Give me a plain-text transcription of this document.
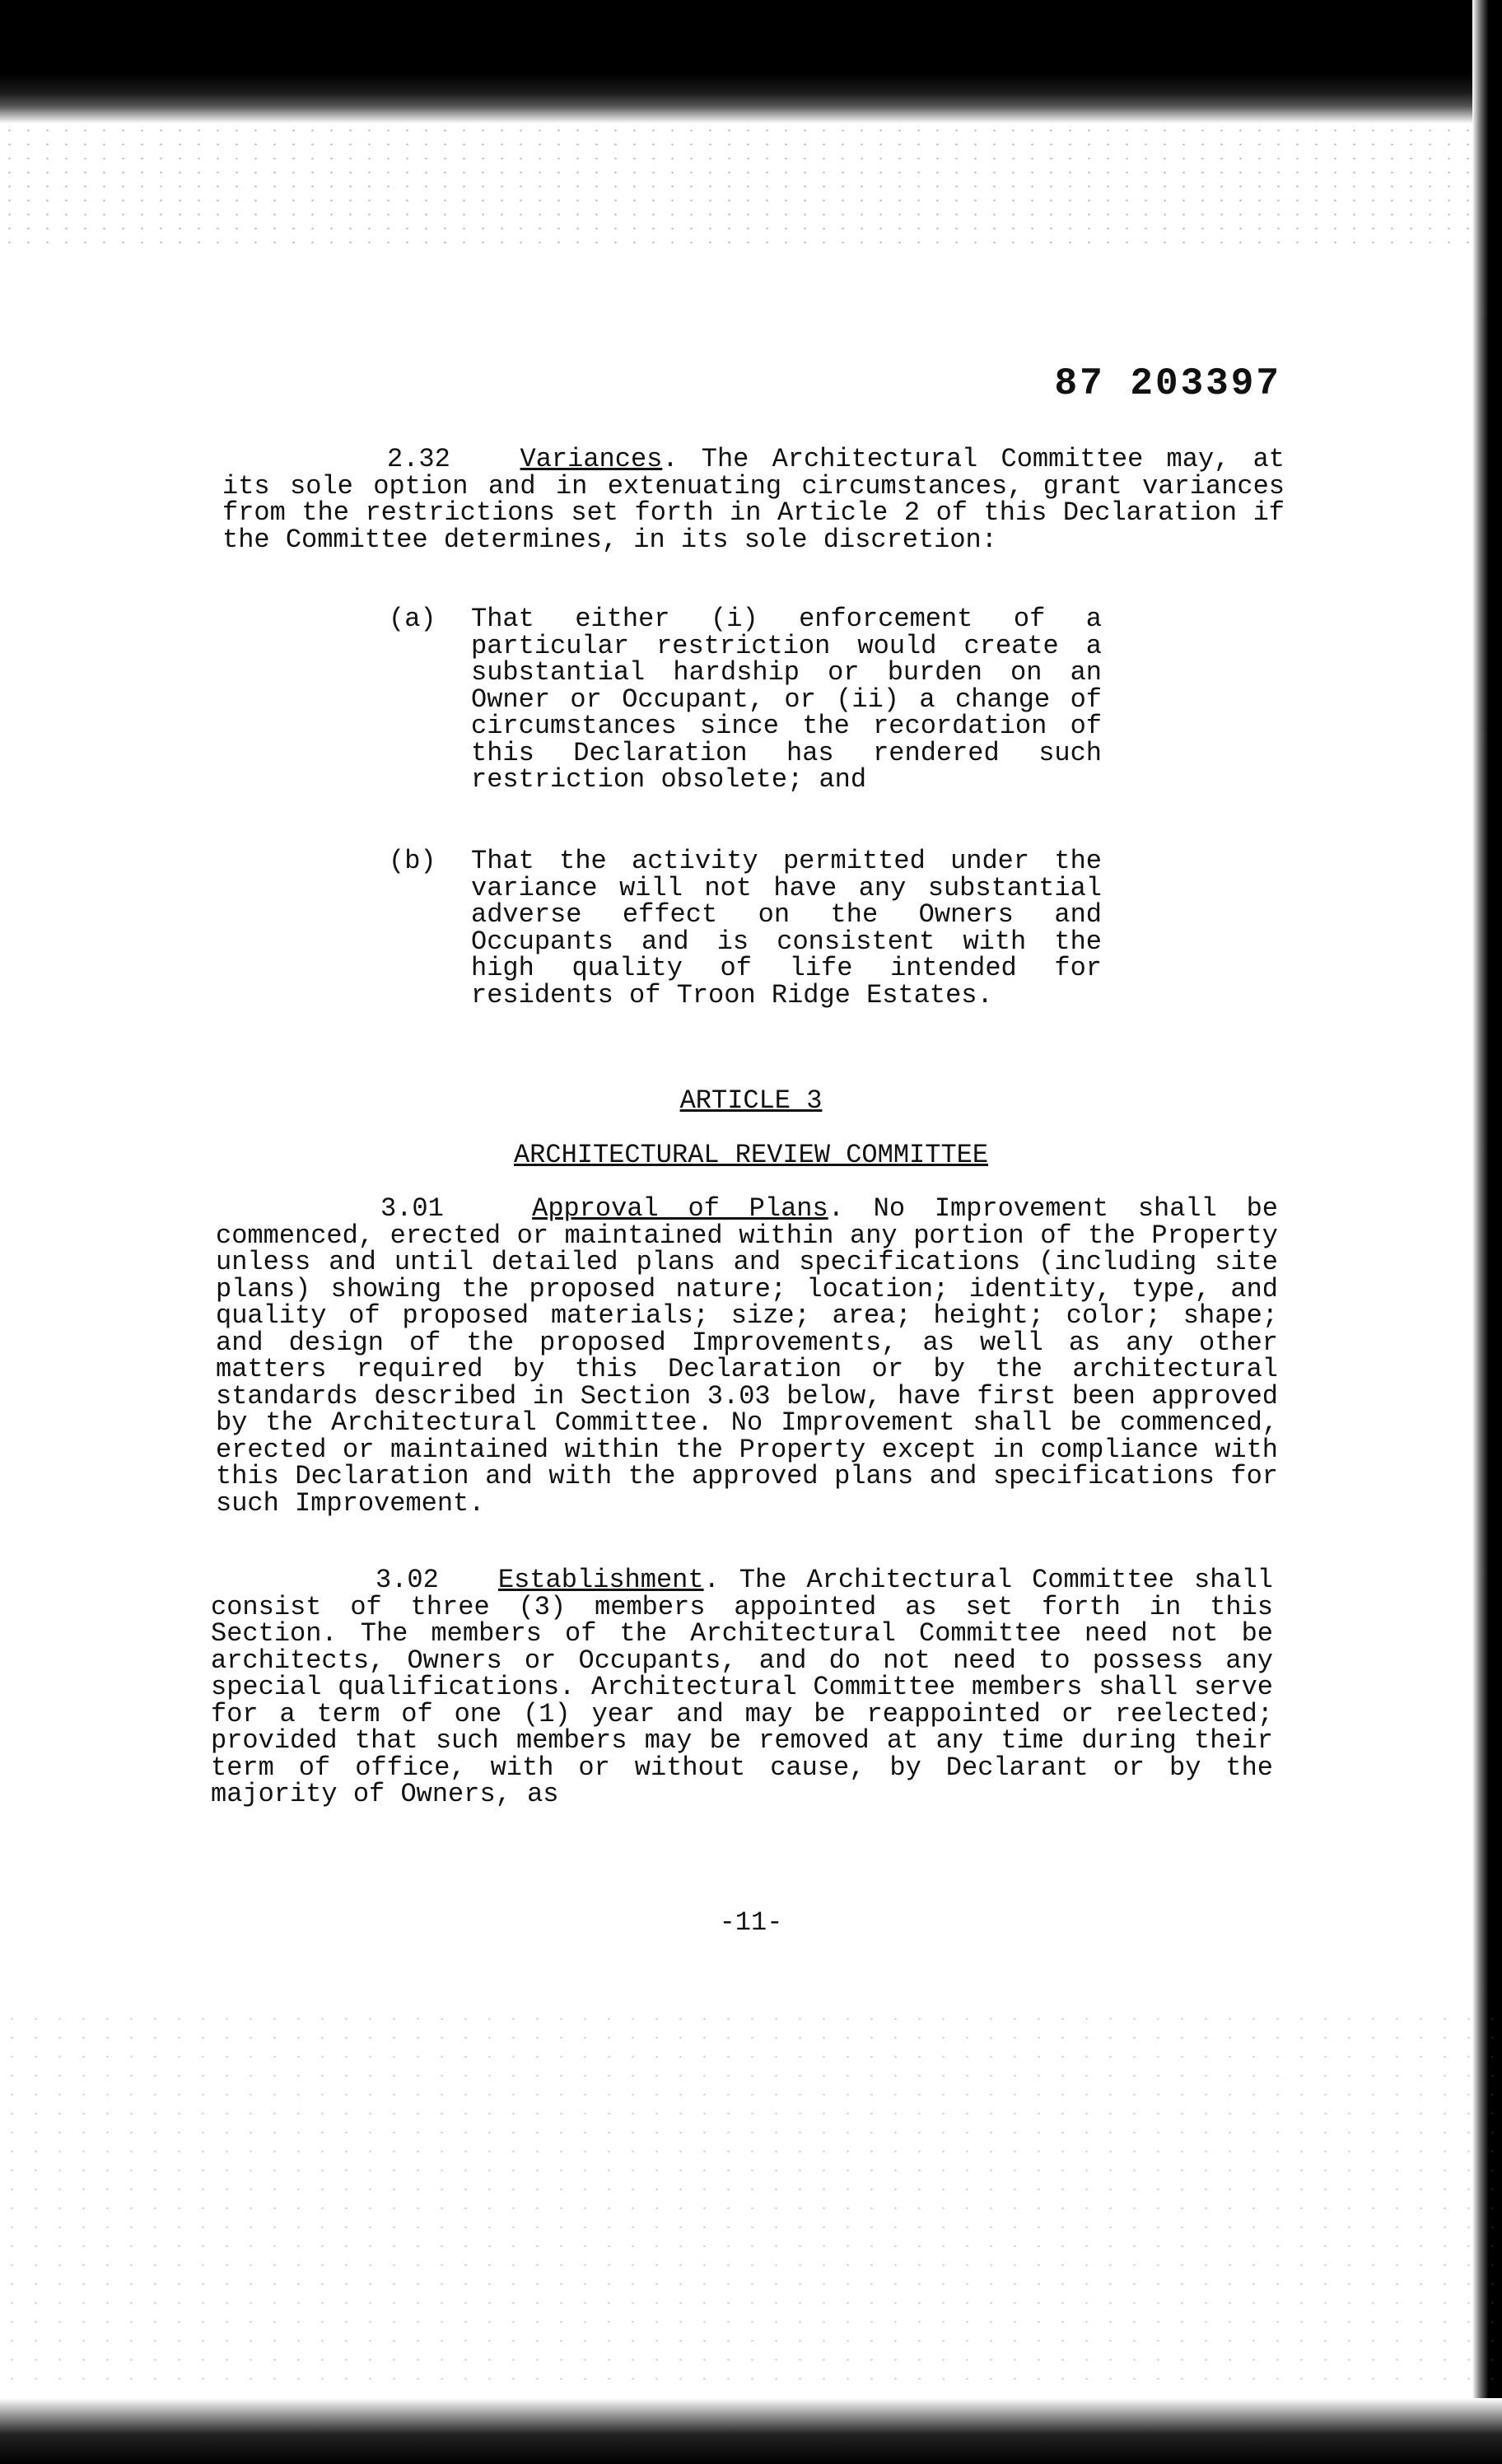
87 203397

2.32	Variances. The Architectural Committee may, at its sole option and in extenuating circumstances, grant variances from the restrictions set forth in Article 2 of this Declaration if the Committee determines, in its sole discretion:

(a) That either (i) enforcement of a particular restriction would create a substantial hardship or burden on an Owner or Occupant, or (ii) a change of circumstances since the recordation of this Declaration has rendered such restriction obsolete; and

(b) That the activity permitted under the variance will not have any substantial adverse effect on the Owners and Occupants and is consistent with the high quality of life intended for residents of Troon Ridge Estates.

ARTICLE 3
ARCHITECTURAL REVIEW COMMITTEE

3.01	Approval of Plans. No Improvement shall be commenced, erected or maintained within any portion of the Property unless and until detailed plans and specifications (including site plans) showing the proposed nature; location; identity, type, and quality of proposed materials; size; area; height; color; shape; and design of the proposed Improvements, as well as any other matters required by this Declaration or by the architectural standards described in Section 3.03 below, have first been approved by the Architectural Committee. No Improvement shall be commenced, erected or maintained within the Property except in compliance with this Declaration and with the approved plans and specifications for such Improvement.

3.02 Establishment. The Architectural Committee shall consist of three (3) members appointed as set forth in this Section. The members of the Architectural Committee need not be architects, Owners or Occupants, and do not need to possess any special qualifications. Architectural Committee members shall serve for a term of one (1) year and may be reappointed or reelected; provided that such members may be removed at any time during their term of office, with or without cause, by Declarant or by the majority of Owners, as

-11-
